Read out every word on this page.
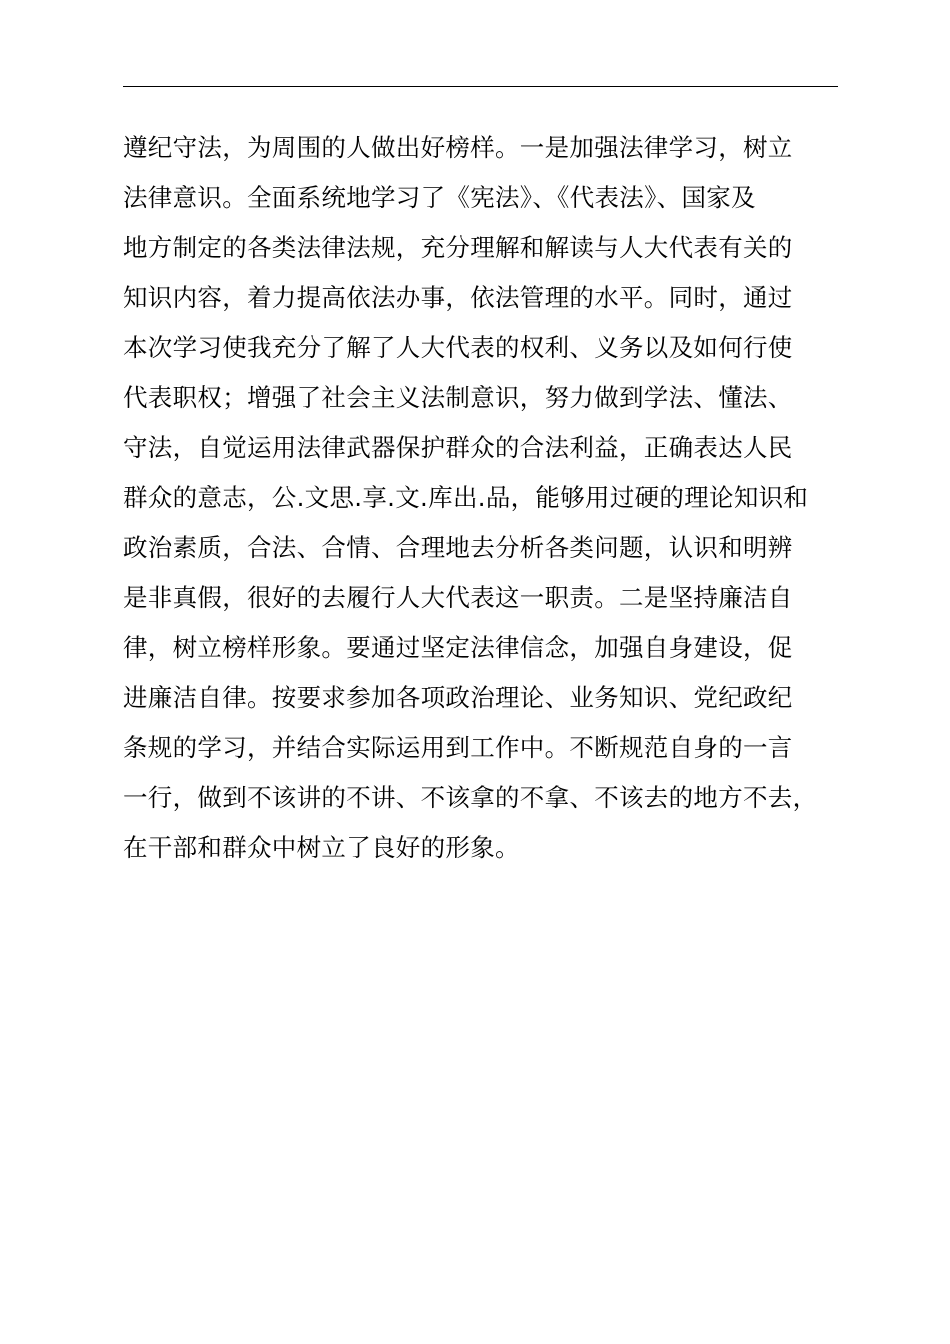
遵纪守法，为周围的人做出好榜样。一是加强法律学习，树立
法律意识。全面系统地学习了《宪法》、《代表法》、国家及
地方制定的各类法律法规，充分理解和解读与人大代表有关的
知识内容，着力提高依法办事，依法管理的水平。同时，通过
本次学习使我充分了解了人大代表的权利、义务以及如何行使
代表职权；增强了社会主义法制意识，努力做到学法、懂法、
守法，自觉运用法律武器保护群众的合法利益，正确表达人民
群众的意志，公.文思.享.文.库出.品，能够用过硬的理论知识和
政治素质，合法、合情、合理地去分析各类问题，认识和明辨
是非真假，很好的去履行人大代表这一职责。二是坚持廉洁自
律，树立榜样形象。要通过坚定法律信念，加强自身建设，促
进廉洁自律。按要求参加各项政治理论、业务知识、党纪政纪
条规的学习，并结合实际运用到工作中。不断规范自身的一言
一行，做到不该讲的不讲、不该拿的不拿、不该去的地方不去，
在干部和群众中树立了良好的形象。
